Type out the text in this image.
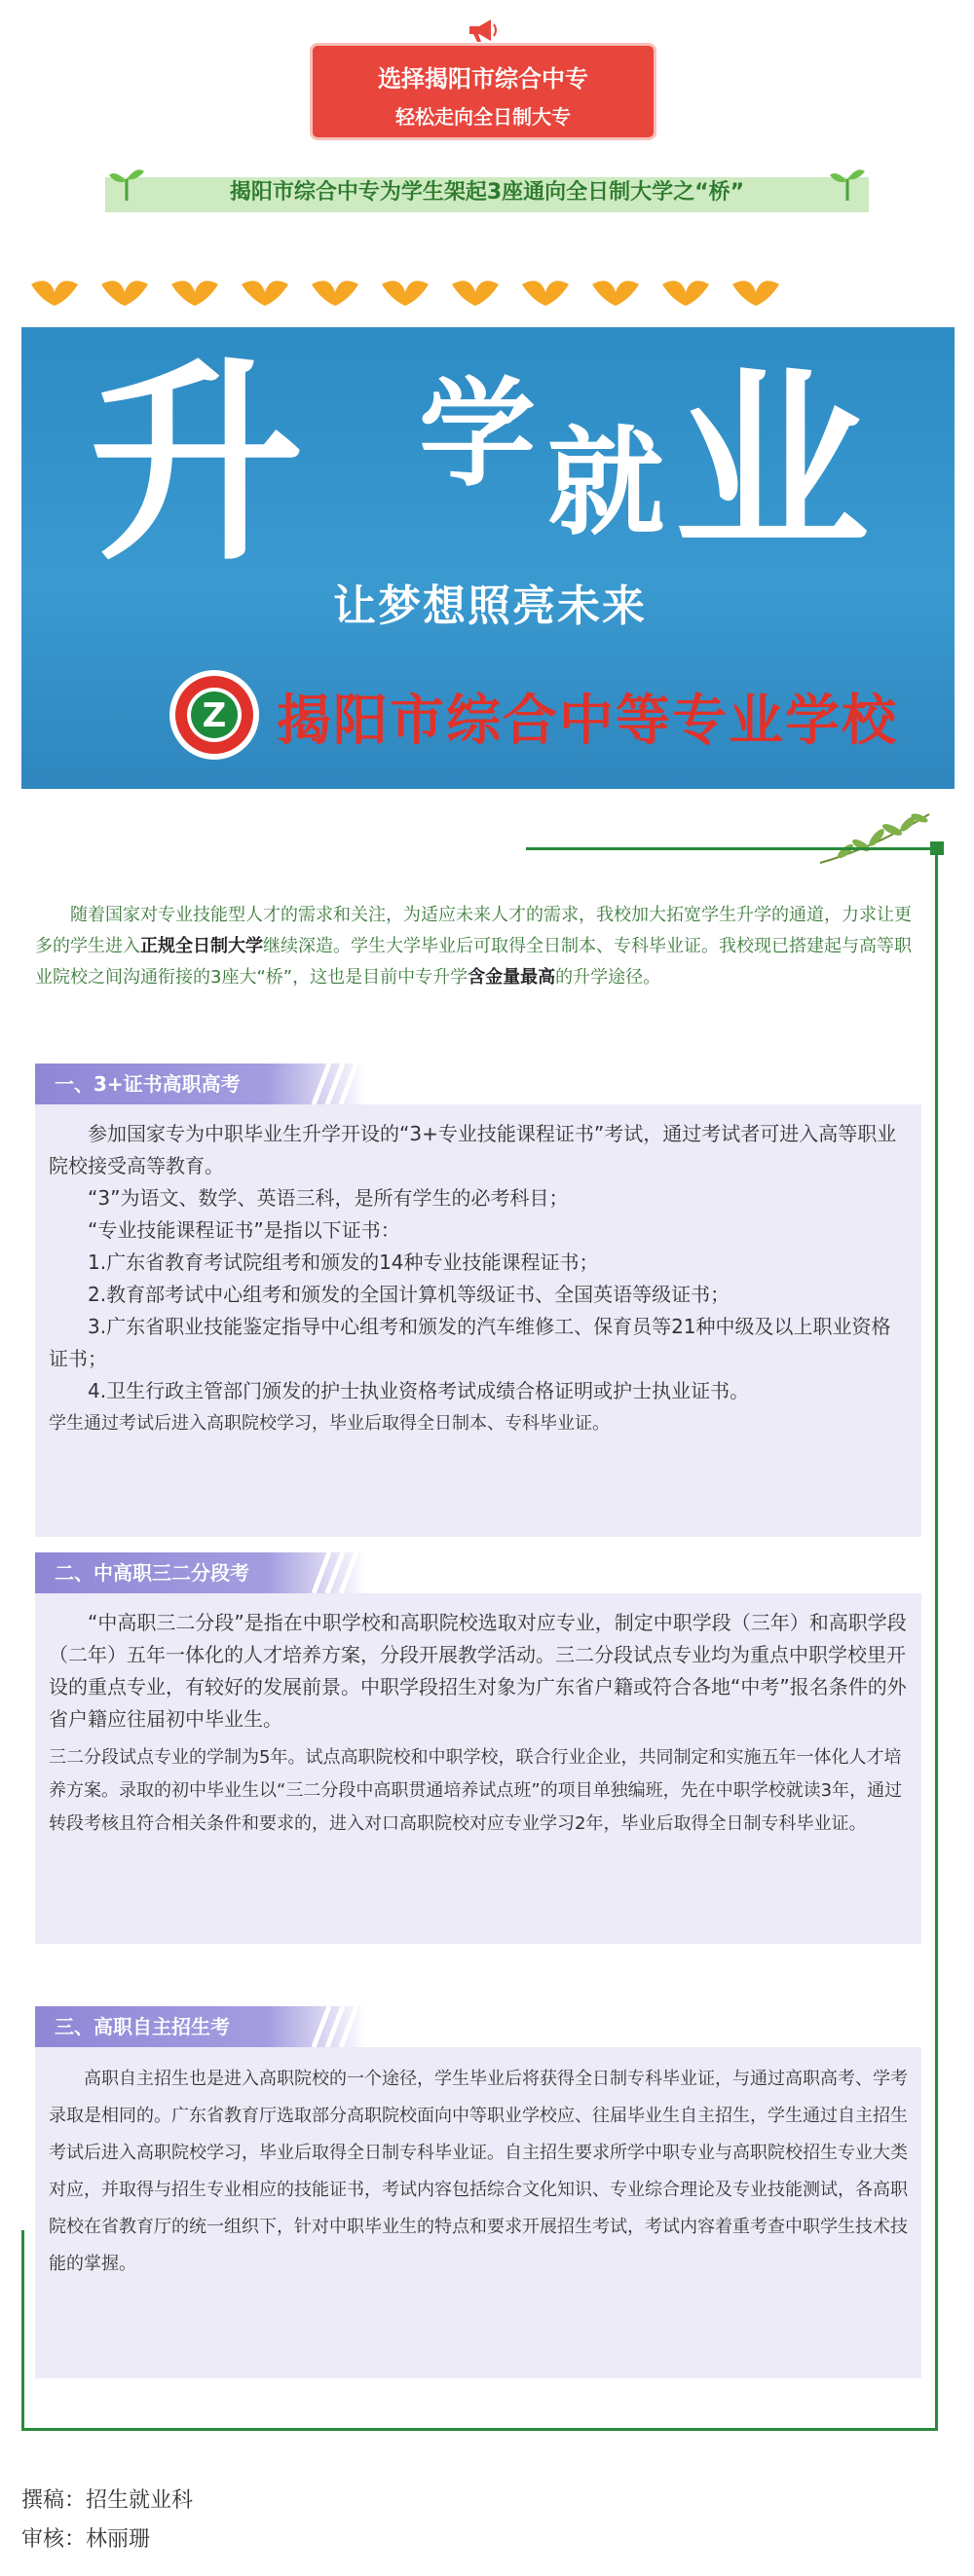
选择揭阳市综合中专
轻松走向全日制大专
揭阳市综合中专为学生架起3座通向全日制大学之“桥”
升 学 就 业
让梦想照亮未来
Z 揭阳市综合中等专业学校
随着国家对专业技能型人才的需求和关注，为适应未来人才的需求，我校加大拓宽学生升学的通道，力求让更多的学生进入正规全日制大学继续深造。学生大学毕业后可取得全日制本、专科毕业证。我校现已搭建起与高等职业院校之间沟通衔接的3座大“桥”，这也是目前中专升学含金量最高的升学途径。
一、3+证书高职高考

参加国家专为中职毕业生升学开设的“3+专业技能课程证书”考试，通过考试者可进入高等职业院校接受高等教育。

“3”为语文、数学、英语三科，是所有学生的必考科目；

“专业技能课程证书”是指以下证书：

1.广东省教育考试院组考和颁发的14种专业技能课程证书；

2.教育部考试中心组考和颁发的全国计算机等级证书、全国英语等级证书；

3.广东省职业技能鉴定指导中心组考和颁发的汽车维修工、保育员等21种中级及以上职业资格证书；

4.卫生行政主管部门颁发的护士执业资格考试成绩合格证明或护士执业证书。

学生通过考试后进入高职院校学习，毕业后取得全日制本、专科毕业证。

二、中高职三二分段考

“中高职三二分段”是指在中职学校和高职院校选取对应专业，制定中职学段（三年）和高职学段（二年）五年一体化的人才培养方案，分段开展教学活动。三二分段试点专业均为重点中职学校里开设的重点专业，有较好的发展前景。中职学段招生对象为广东省户籍或符合各地“中考”报名条件的外省户籍应往届初中毕业生。

三二分段试点专业的学制为5年。试点高职院校和中职学校，联合行业企业，共同制定和实施五年一体化人才培养方案。录取的初中毕业生以“三二分段中高职贯通培养试点班”的项目单独编班，先在中职学校就读3年，通过转段考核且符合相关条件和要求的，进入对口高职院校对应专业学习2年，毕业后取得全日制专科毕业证。

三、高职自主招生考

高职自主招生也是进入高职院校的一个途径，学生毕业后将获得全日制专科毕业证，与通过高职高考、学考录取是相同的。广东省教育厅选取部分高职院校面向中等职业学校应、往届毕业生自主招生，学生通过自主招生考试后进入高职院校学习，毕业后取得全日制专科毕业证。自主招生要求所学中职专业与高职院校招生专业大类对应，并取得与招生专业相应的技能证书，考试内容包括综合文化知识、专业综合理论及专业技能测试，各高职院校在省教育厅的统一组织下，针对中职毕业生的特点和要求开展招生考试，考试内容着重考查中职学生技术技能的掌握。

撰稿：招生就业科
审核：林丽珊
